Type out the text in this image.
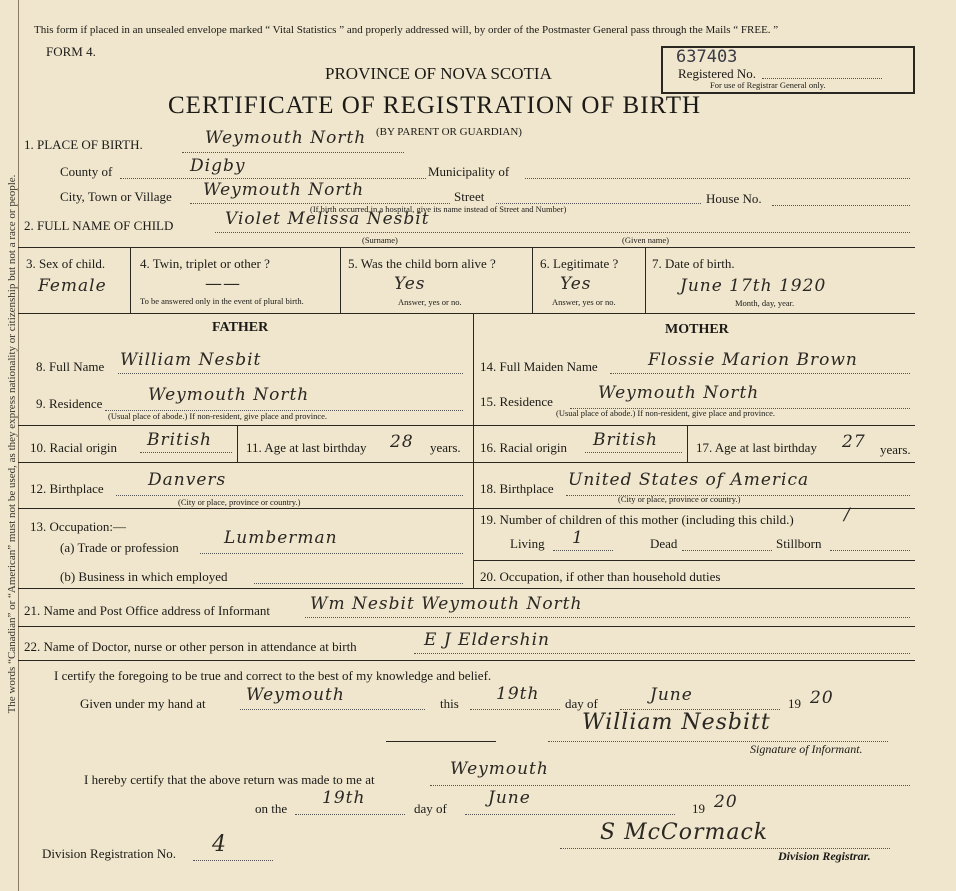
The words “Canadian” or “American” must not be used, as they express nationality or citizenship but not a race or people.
This form if placed in an unsealed envelope marked “ Vital Statistics ” and properly addressed will, by order of the Postmaster General pass through the Mails “ FREE. ”
FORM 4.
PROVINCE OF NOVA SCOTIA
CERTIFICATE OF REGISTRATION OF BIRTH
(BY PARENT OR GUARDIAN)
637403
Registered No.
For use of Registrar General only.
1. PLACE OF BIRTH.	Weymouth North
County of	Digby	Municipality of
City, Town or Village Weymouth North	Street	House No.
(If birth occurred in a hospital, give its name instead of Street and Number)
2. FULL NAME OF CHILD	Violet Melissa Nesbit
(Surname)	(Given name)
3. Sex of child.
Female
4. Twin, triplet or other ?
——
To be answered only in the event of plural birth.
5. Was the child born alive ?
Yes
Answer, yes or no.
6. Legitimate ?
Yes
Answer, yes or no.
7. Date of birth.
June 17th 1920
Month, day, year.
FATHER	MOTHER
8. Full Name William Nesbit
9. Residence	Weymouth North
(Usual place of abode.) If non-resident, give place and province.
10. Racial origin British	11. Age at last birthday 28 years.
12. Birthplace	Danvers
(City or place, province or country.)
13. Occupation:—
(a) Trade or profession	Lumberman
(b) Business in which employed
14. Full Maiden Name	Flossie Marion Brown
15. Residence	Weymouth North
(Usual place of abode.) If non-resident, give place and province.
16. Racial origin British	17. Age at last birthday 27 years.
18. Birthplace United States of America
(City or place, province or country.)
19. Number of children of this mother (including this child.)	/
Living 1	Dead	Stillborn
20. Occupation, if other than household duties
21. Name and Post Office address of Informant Wm Nesbit Weymouth North
22. Name of Doctor, nurse or other person in attendance at birth	E J Eldershin
I certify the foregoing to be true and correct to the best of my knowledge and belief.
Given under my hand at Weymouth	this 19th day of	June	19 20
William Nesbitt
Signature of Informant.
I hereby certify that the above return was made to me at
Weymouth
on the
19th
day of
June
19 20
Division Registration No. 4	S McCormack
Division Registrar.
